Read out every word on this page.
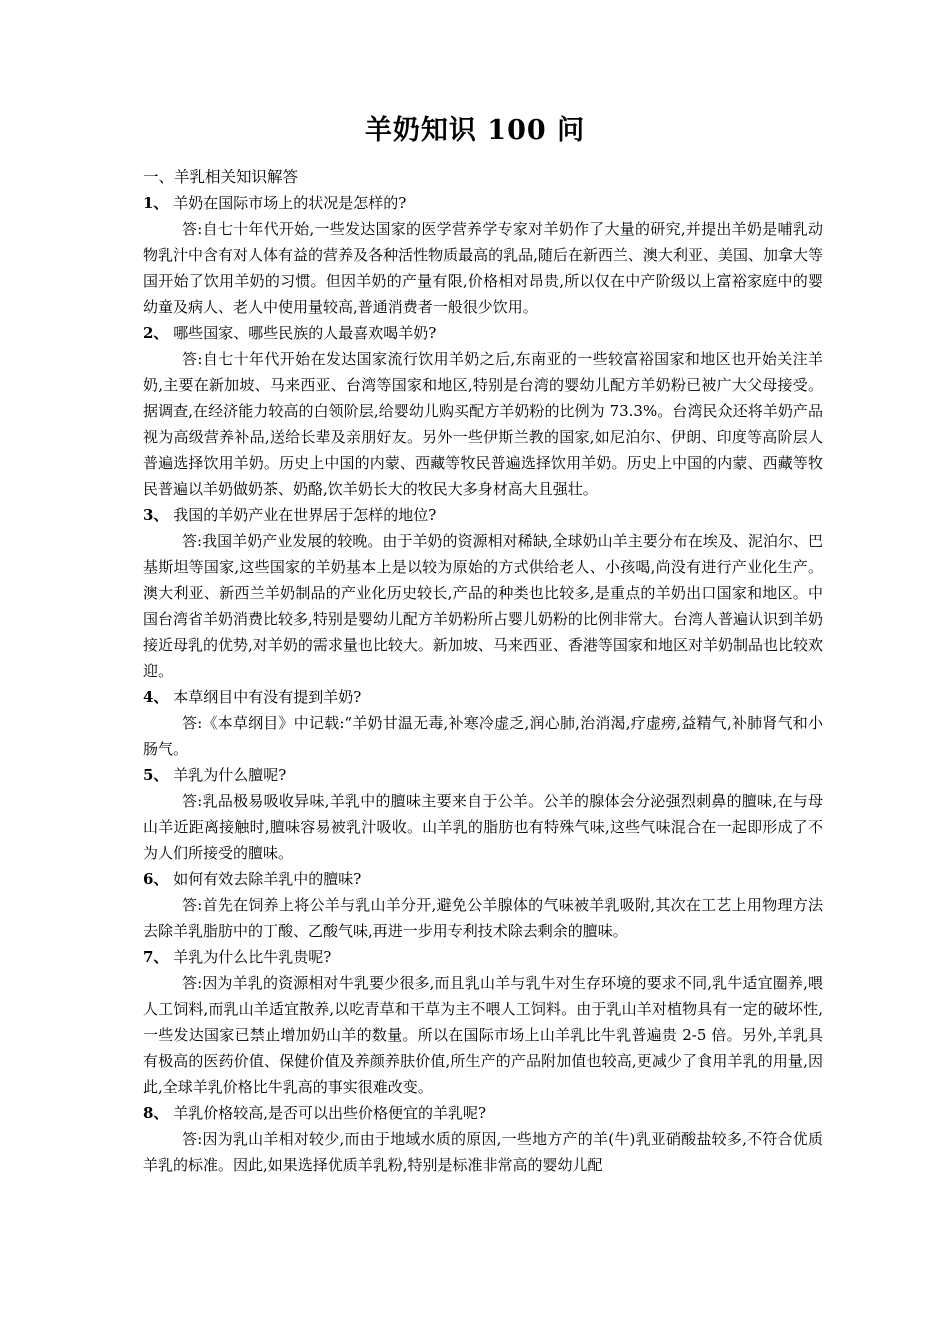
羊奶知识 100 问

一、羊乳相关知识解答

1、 羊奶在国际市场上的状况是怎样的?

答:自七十年代开始,一些发达国家的医学营养学专家对羊奶作了大量的研究,并提出羊奶是哺乳动物乳汁中含有对人体有益的营养及各种活性物质最高的乳品,随后在新西兰、澳大利亚、美国、加拿大等国开始了饮用羊奶的习惯。但因羊奶的产量有限,价格相对昂贵,所以仅在中产阶级以上富裕家庭中的婴幼童及病人、老人中使用量较高,普通消费者一般很少饮用。

2、 哪些国家、哪些民族的人最喜欢喝羊奶?

答:自七十年代开始在发达国家流行饮用羊奶之后,东南亚的一些较富裕国家和地区也开始关注羊奶,主要在新加坡、马来西亚、台湾等国家和地区,特别是台湾的婴幼儿配方羊奶粉已被广大父母接受。据调查,在经济能力较高的白领阶层,给婴幼儿购买配方羊奶粉的比例为 73.3%。台湾民众还将羊奶产品视为高级营养补品,送给长辈及亲朋好友。另外一些伊斯兰教的国家,如尼泊尔、伊朗、印度等高阶层人普遍选择饮用羊奶。历史上中国的内蒙、西藏等牧民普遍选择饮用羊奶。历史上中国的内蒙、西藏等牧民普遍以羊奶做奶茶、奶酪,饮羊奶长大的牧民大多身材高大且强壮。

3、 我国的羊奶产业在世界居于怎样的地位?

答:我国羊奶产业发展的较晚。由于羊奶的资源相对稀缺,全球奶山羊主要分布在埃及、泥泊尔、巴基斯坦等国家,这些国家的羊奶基本上是以较为原始的方式供给老人、小孩喝,尚没有进行产业化生产。澳大利亚、新西兰羊奶制品的产业化历史较长,产品的种类也比较多,是重点的羊奶出口国家和地区。中国台湾省羊奶消费比较多,特别是婴幼儿配方羊奶粉所占婴儿奶粉的比例非常大。台湾人普遍认识到羊奶接近母乳的优势,对羊奶的需求量也比较大。新加坡、马来西亚、香港等国家和地区对羊奶制品也比较欢迎。

4、 本草纲目中有没有提到羊奶?

答:《本草纲目》中记载:“羊奶甘温无毒,补寒冷虚乏,润心肺,治消渴,疗虚痨,益精气,补肺肾气和小肠气。

5、 羊乳为什么膻呢?

答:乳品极易吸收异味,羊乳中的膻味主要来自于公羊。公羊的腺体会分泌强烈刺鼻的膻味,在与母山羊近距离接触时,膻味容易被乳汁吸收。山羊乳的脂肪也有特殊气味,这些气味混合在一起即形成了不为人们所接受的膻味。

6、 如何有效去除羊乳中的膻味?

答:首先在饲养上将公羊与乳山羊分开,避免公羊腺体的气味被羊乳吸附,其次在工艺上用物理方法去除羊乳脂肪中的丁酸、乙酸气味,再进一步用专利技术除去剩余的膻味。

7、 羊乳为什么比牛乳贵呢?

答:因为羊乳的资源相对牛乳要少很多,而且乳山羊与乳牛对生存环境的要求不同,乳牛适宜圈养,喂人工饲料,而乳山羊适宜散养,以吃青草和干草为主不喂人工饲料。由于乳山羊对植物具有一定的破坏性,一些发达国家已禁止增加奶山羊的数量。所以在国际市场上山羊乳比牛乳普遍贵 2-5 倍。另外,羊乳具有极高的医药价值、保健价值及养颜养肤价值,所生产的产品附加值也较高,更减少了食用羊乳的用量,因此,全球羊乳价格比牛乳高的事实很难改变。

8、 羊乳价格较高,是否可以出些价格便宜的羊乳呢?

答:因为乳山羊相对较少,而由于地域水质的原因,一些地方产的羊(牛)乳亚硝酸盐较多,不符合优质羊乳的标准。因此,如果选择优质羊乳粉,特别是标准非常高的婴幼儿配
